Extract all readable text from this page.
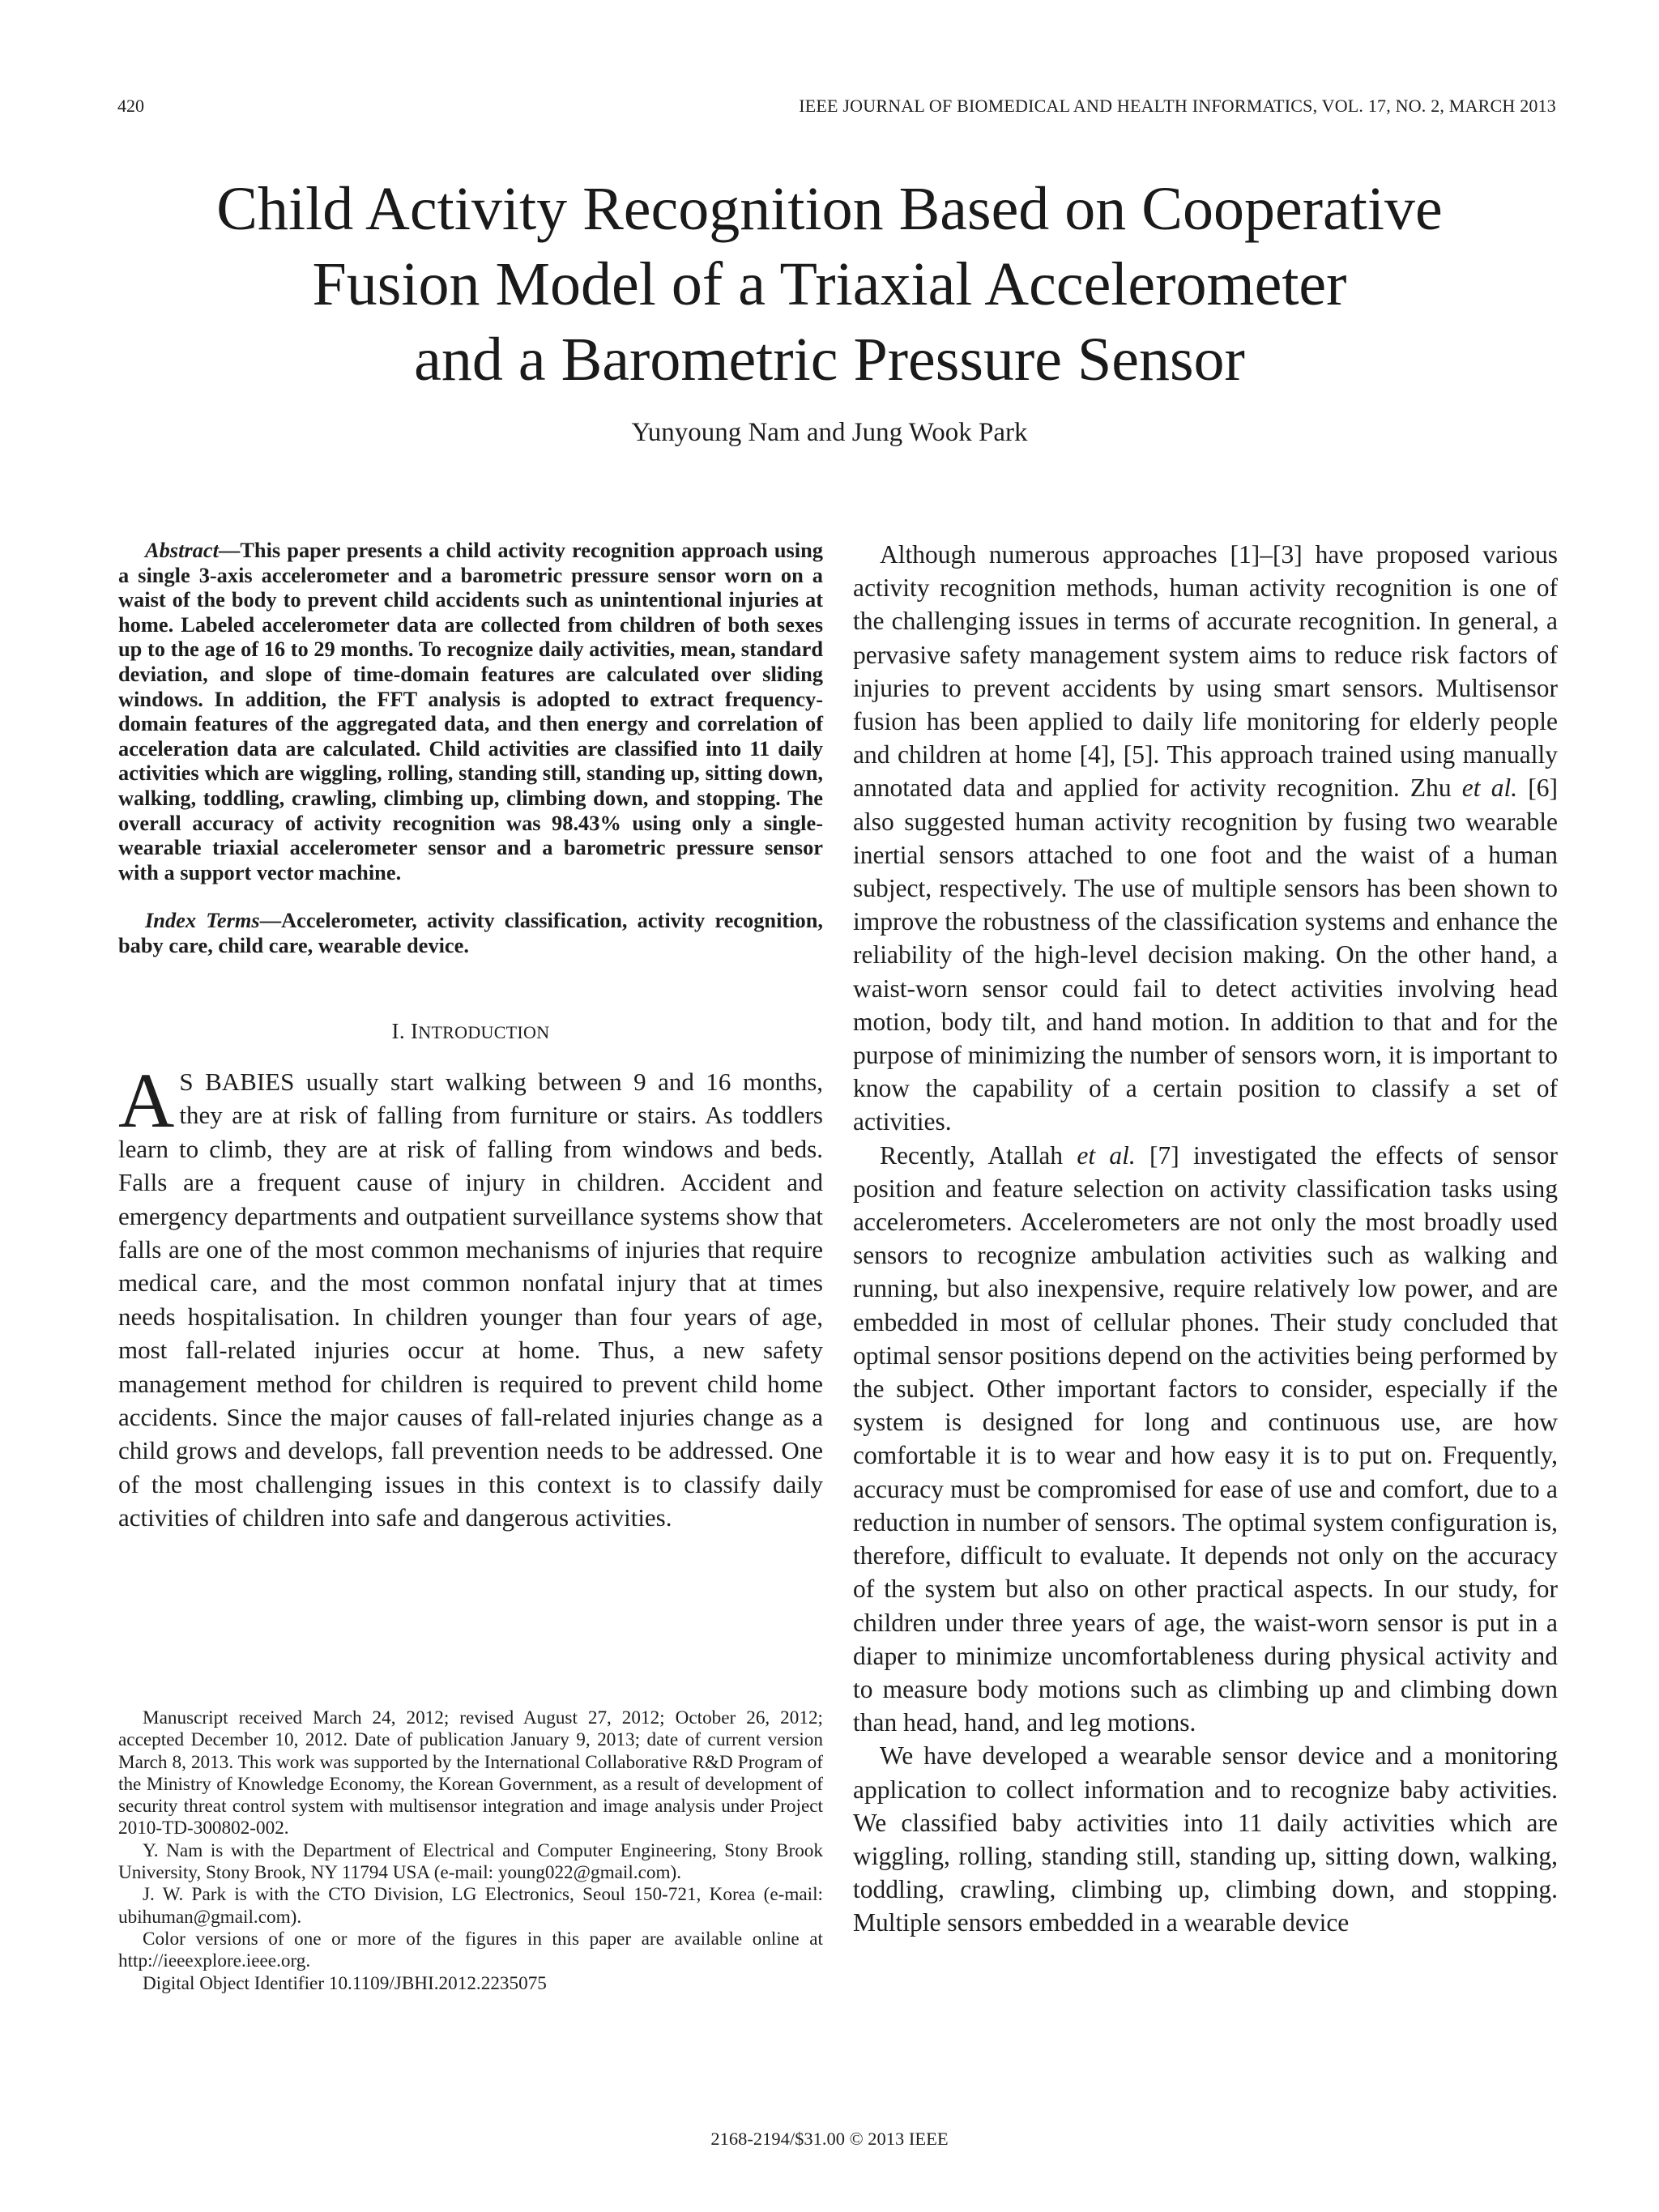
420	IEEE JOURNAL OF BIOMEDICAL AND HEALTH INFORMATICS, VOL. 17, NO. 2, MARCH 2013
Child Activity Recognition Based on Cooperative
Fusion Model of a Triaxial Accelerometer
and a Barometric Pressure Sensor
Yunyoung Nam and Jung Wook Park

Abstract—This paper presents a child activity recognition approach using a single 3-axis accelerometer and a barometric pressure sensor worn on a waist of the body to prevent child accidents such as unintentional injuries at home. Labeled accelerometer data are collected from children of both sexes up to the age of 16 to 29 months. To recognize daily activities, mean, standard deviation, and slope of time-domain features are calculated over sliding windows. In addition, the FFT analysis is adopted to extract frequency-domain features of the aggregated data, and then energy and correlation of acceleration data are calculated. Child activities are classified into 11 daily activities which are wiggling, rolling, standing still, standing up, sitting down, walking, toddling, crawling, climbing up, climbing down, and stopping. The overall accuracy of activity recognition was 98.43% using only a single-wearable triaxial accelerometer sensor and a barometric pressure sensor with a support vector machine.

Index Terms—Accelerometer, activity classification, activity recognition, baby care, child care, wearable device.

I. INTRODUCTION

A S BABIES usually start walking between 9 and 16 months, they are at risk of falling from furniture or stairs. As toddlers learn to climb, they are at risk of falling from windows and beds. Falls are a frequent cause of injury in children. Accident and emergency departments and outpatient surveillance systems show that falls are one of the most common mechanisms of injuries that require medical care, and the most common nonfatal injury that at times needs hospitalisation. In children younger than four years of age, most fall-related injuries occur at home. Thus, a new safety management method for children is required to prevent child home accidents. Since the major causes of fall-related injuries change as a child grows and develops, fall prevention needs to be addressed. One of the most challenging issues in this context is to classify daily activities of children into safe and dangerous activities.

Although numerous approaches [1]–[3] have proposed various activity recognition methods, human activity recognition is one of the challenging issues in terms of accurate recognition. In general, a pervasive safety management system aims to reduce risk factors of injuries to prevent accidents by using smart sensors. Multisensor fusion has been applied to daily life monitoring for elderly people and children at home [4], [5]. This approach trained using manually annotated data and applied for activity recognition. Zhu et al. [6] also suggested human activity recognition by fusing two wearable inertial sensors attached to one foot and the waist of a human subject, respectively. The use of multiple sensors has been shown to improve the robustness of the classification systems and enhance the reliability of the high-level decision making. On the other hand, a waist-worn sensor could fail to detect activities involving head motion, body tilt, and hand motion. In addition to that and for the purpose of minimizing the number of sensors worn, it is important to know the capability of a certain position to classify a set of activities.

Recently, Atallah et al. [7] investigated the effects of sensor position and feature selection on activity classification tasks using accelerometers. Accelerometers are not only the most broadly used sensors to recognize ambulation activities such as walking and running, but also inexpensive, require relatively low power, and are embedded in most of cellular phones. Their study concluded that optimal sensor positions depend on the activities being performed by the subject. Other important factors to consider, especially if the system is designed for long and continuous use, are how comfortable it is to wear and how easy it is to put on. Frequently, accuracy must be compromised for ease of use and comfort, due to a reduction in number of sensors. The optimal system configuration is, therefore, difficult to evaluate. It depends not only on the accuracy of the system but also on other practical aspects. In our study, for children under three years of age, the waist-worn sensor is put in a diaper to minimize uncomfortableness during physical activity and to measure body motions such as climbing up and climbing down than head, hand, and leg motions.

We have developed a wearable sensor device and a monitoring application to collect information and to recognize baby activities. We classified baby activities into 11 daily activities which are wiggling, rolling, standing still, standing up, sitting down, walking, toddling, crawling, climbing up, climbing down, and stopping. Multiple sensors embedded in a wearable device

Manuscript received March 24, 2012; revised August 27, 2012; October 26, 2012; accepted December 10, 2012. Date of publication January 9, 2013; date of current version March 8, 2013. This work was supported by the International Collaborative R&D Program of the Ministry of Knowledge Economy, the Korean Government, as a result of development of security threat control system with multisensor integration and image analysis under Project 2010-TD-300802-002.

Y. Nam is with the Department of Electrical and Computer Engineering, Stony Brook University, Stony Brook, NY 11794 USA (e-mail: young022@gmail.com).

J. W. Park is with the CTO Division, LG Electronics, Seoul 150-721, Korea (e-mail: ubihuman@gmail.com).

Color versions of one or more of the figures in this paper are available online at http://ieeexplore.ieee.org.

Digital Object Identifier 10.1109/JBHI.2012.2235075

2168-2194/$31.00 © 2013 IEEE
